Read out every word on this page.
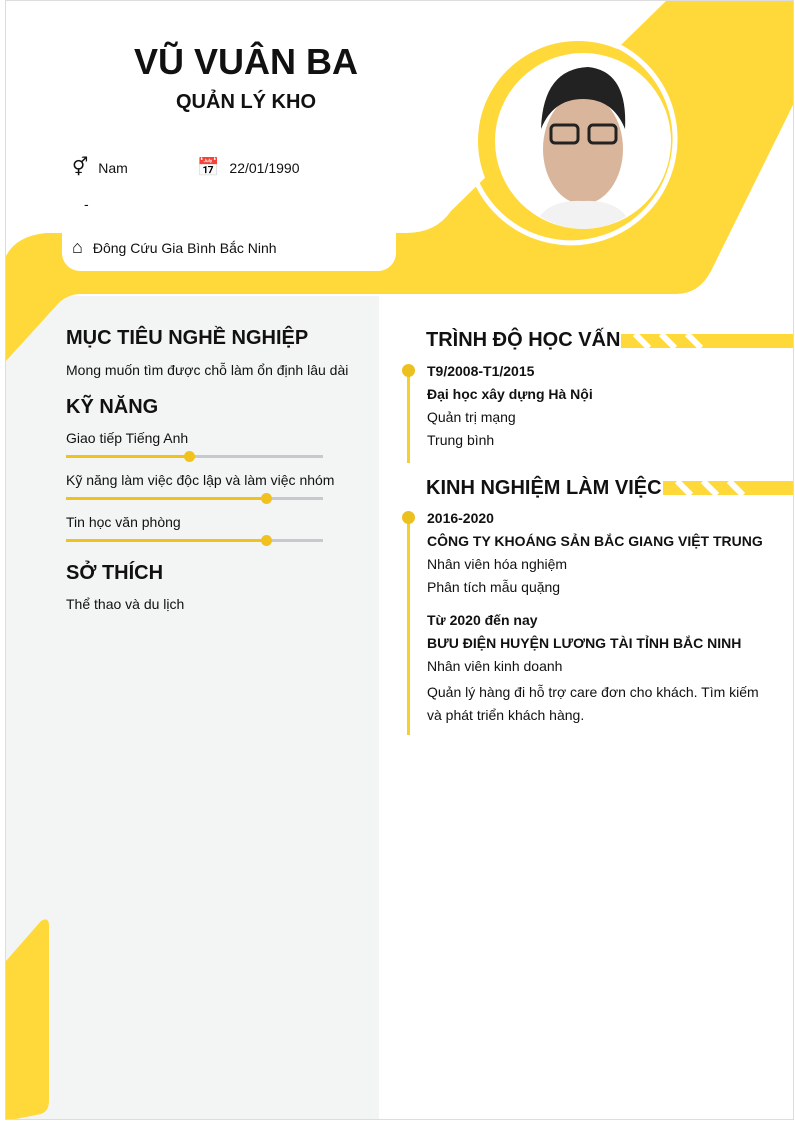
VŨ VUÂN BA
QUẢN LÝ KHO
⚥ Nam	📅 22/01/1990
-
⌂ Đông Cứu Gia Bình Bắc Ninh
MỤC TIÊU NGHỀ NGHIỆP
Mong muốn tìm được chỗ làm ổn định lâu dài
KỸ NĂNG
Giao tiếp Tiếng Anh
Kỹ năng làm việc độc lập và làm việc nhóm
Tin học văn phòng
SỞ THÍCH
Thể thao và du lịch
TRÌNH ĐỘ HỌC VẤN
T9/2008-T1/2015
Đại học xây dựng Hà Nội
Quản trị mạng
Trung bình
KINH NGHIỆM LÀM VIỆC
2016-2020
CÔNG TY KHOÁNG SẢN BẮC GIANG VIỆT TRUNG
Nhân viên hóa nghiệm
Phân tích mẫu quặng
Từ 2020 đến nay
BƯU ĐIỆN HUYỆN LƯƠNG TÀI TỈNH BẮC NINH
Nhân viên kinh doanh
Quản lý hàng đi hỗ trợ care đơn cho khách. Tìm kiếm và phát triển khách hàng.
